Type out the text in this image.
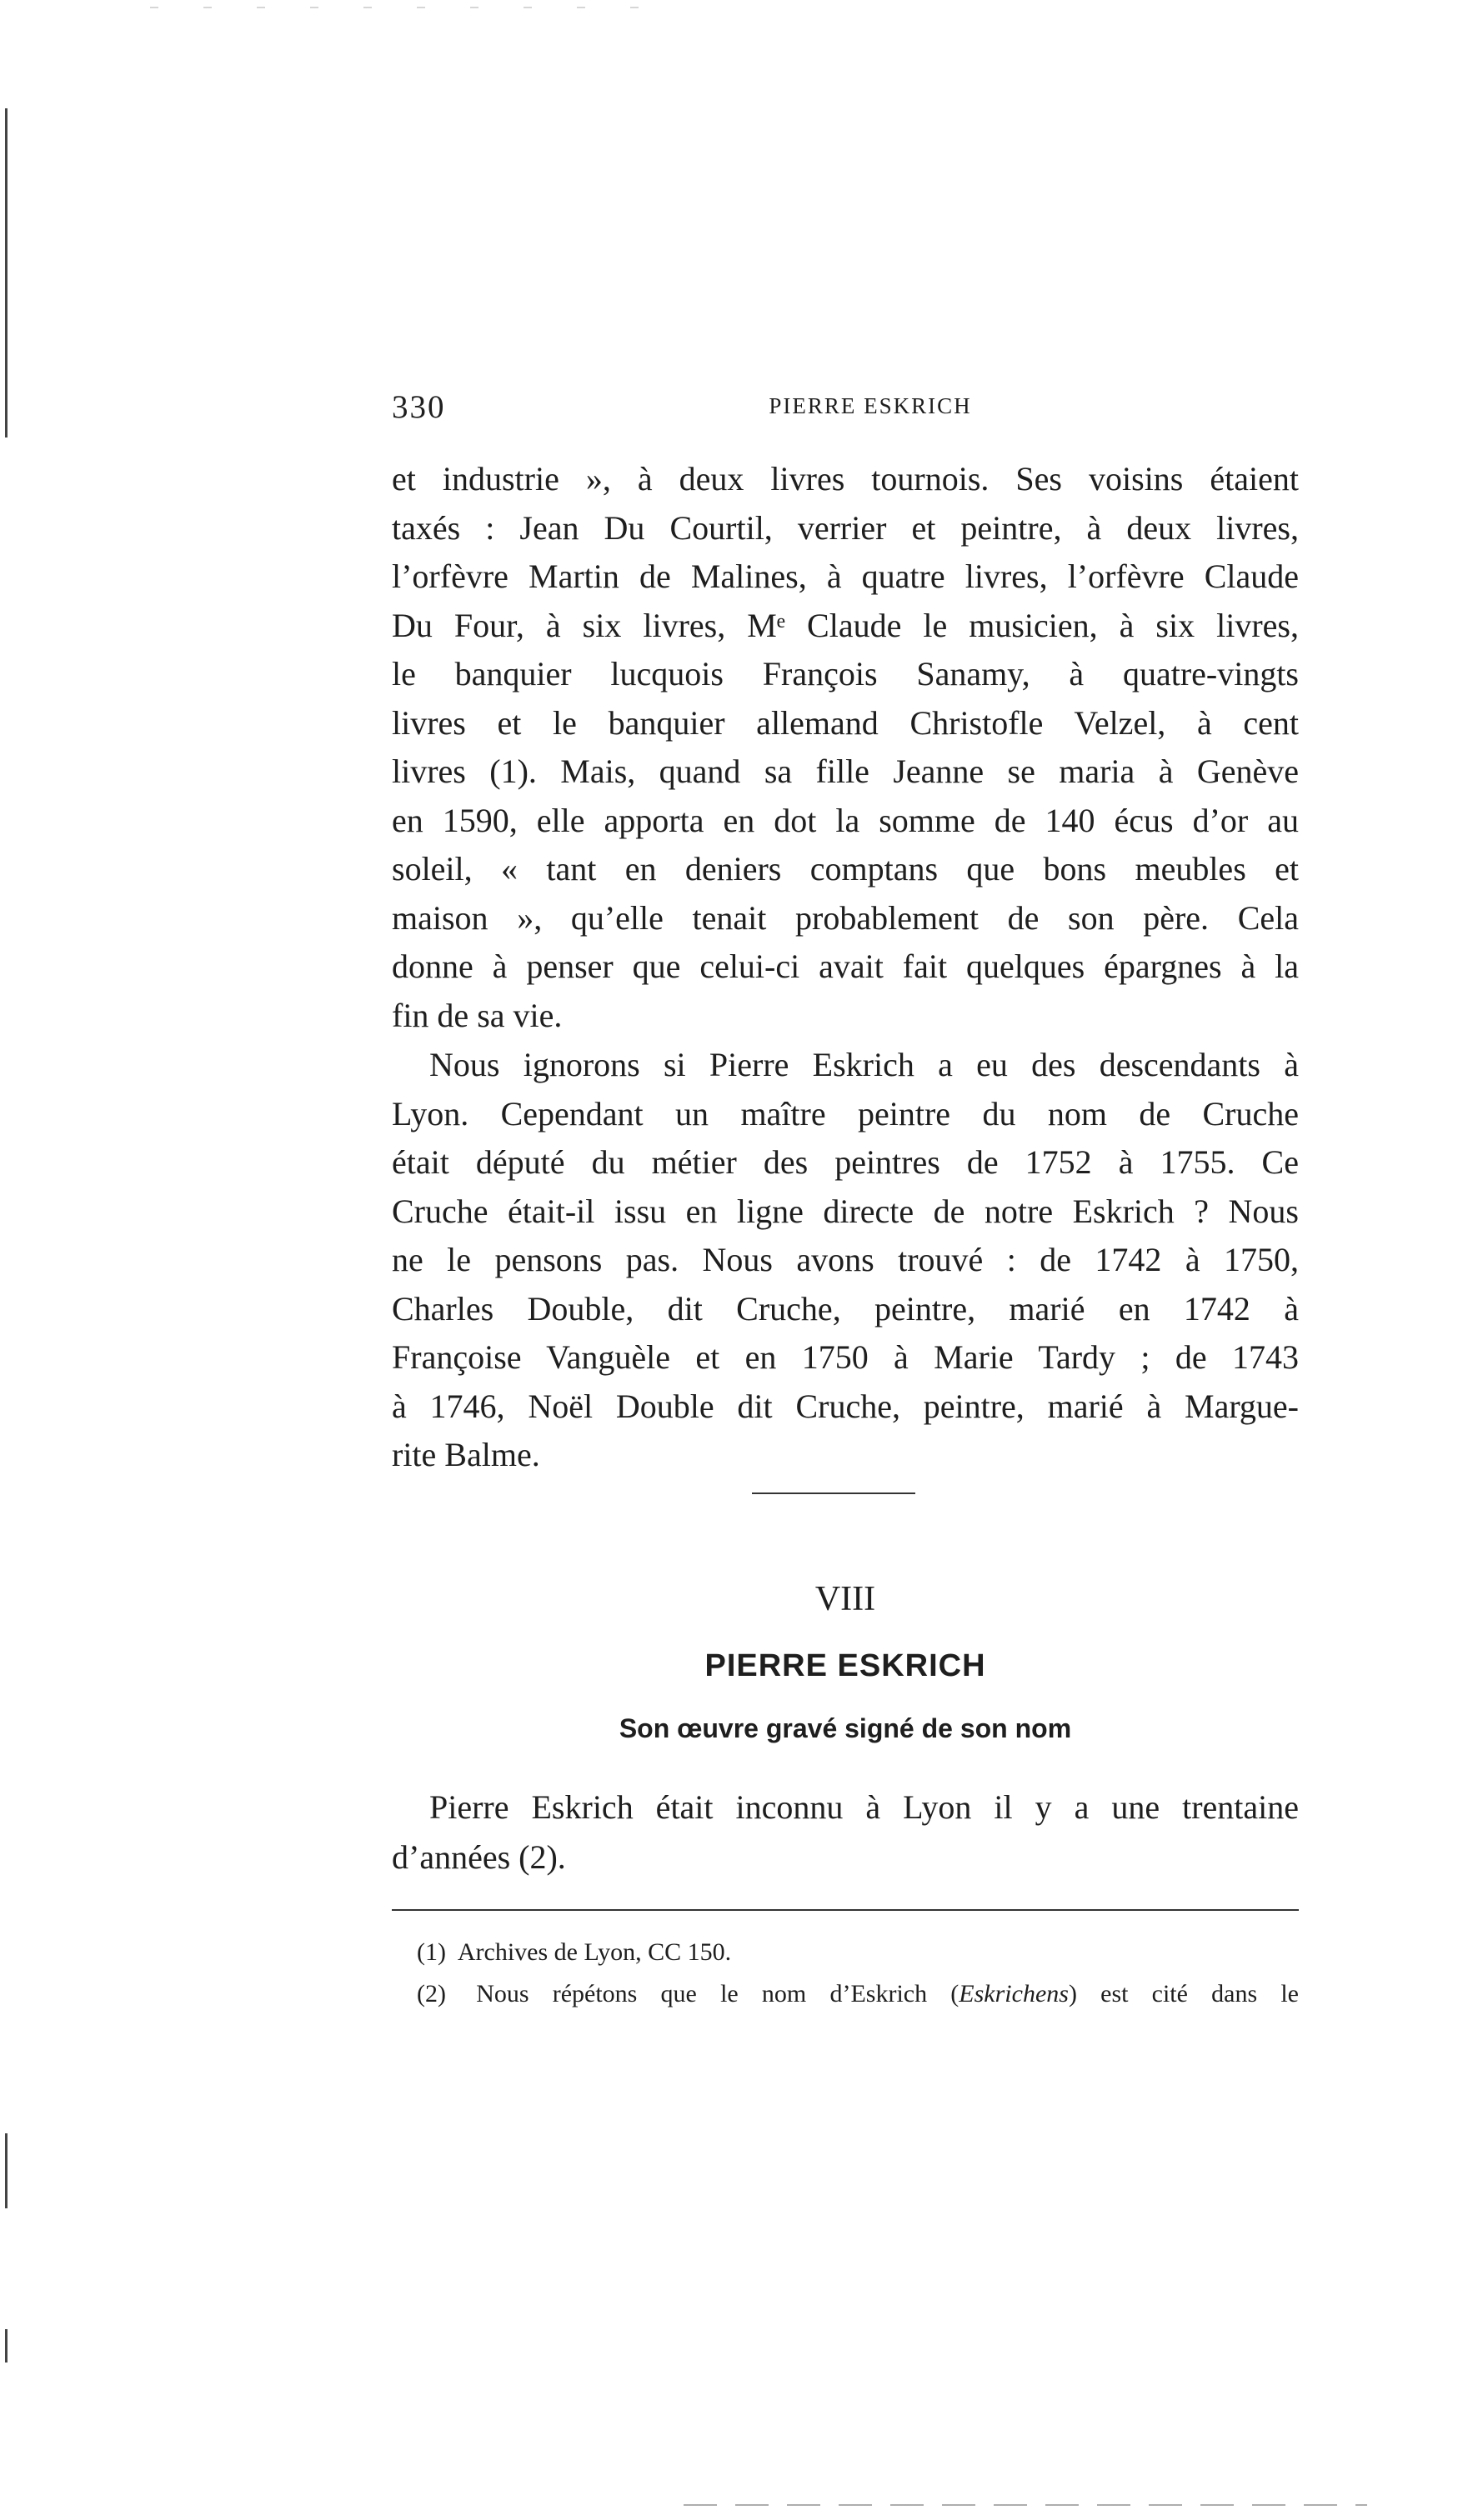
330	PIERRE ESKRICH
et industrie », à deux livres tournois. Ses voisins étaient
taxés : Jean Du Courtil, verrier et peintre, à deux livres,
l’orfèvre Martin de Malines, à quatre livres, l’orfèvre Claude
Du Four, à six livres, Mᵉ Claude le musicien, à six livres,
le banquier lucquois François Sanamy, à quatre-vingts
livres et le banquier allemand Christofle Velzel, à cent
livres (1). Mais, quand sa fille Jeanne se maria à Genève
en 1590, elle apporta en dot la somme de 140 écus d’or au
soleil, « tant en deniers comptans que bons meubles et
maison », qu’elle tenait probablement de son père. Cela
donne à penser que celui-ci avait fait quelques épargnes à la
fin de sa vie.
Nous ignorons si Pierre Eskrich a eu des descendants à
Lyon. Cependant un maître peintre du nom de Cruche
était député du métier des peintres de 1752 à 1755. Ce
Cruche était-il issu en ligne directe de notre Eskrich ? Nous
ne le pensons pas. Nous avons trouvé : de 1742 à 1750,
Charles Double, dit Cruche, peintre, marié en 1742 à
Françoise Vanguèle et en 1750 à Marie Tardy ; de 1743
à 1746, Noël Double dit Cruche, peintre, marié à Margue-
rite Balme.
VIII
PIERRE ESKRICH
Son œuvre gravé signé de son nom
Pierre Eskrich était inconnu à Lyon il y a une trentaine
d’années (2).
(1) Archives de Lyon, CC 150.
(2) Nous répétons que le nom d’Eskrich (Eskrichens) est cité dans le
